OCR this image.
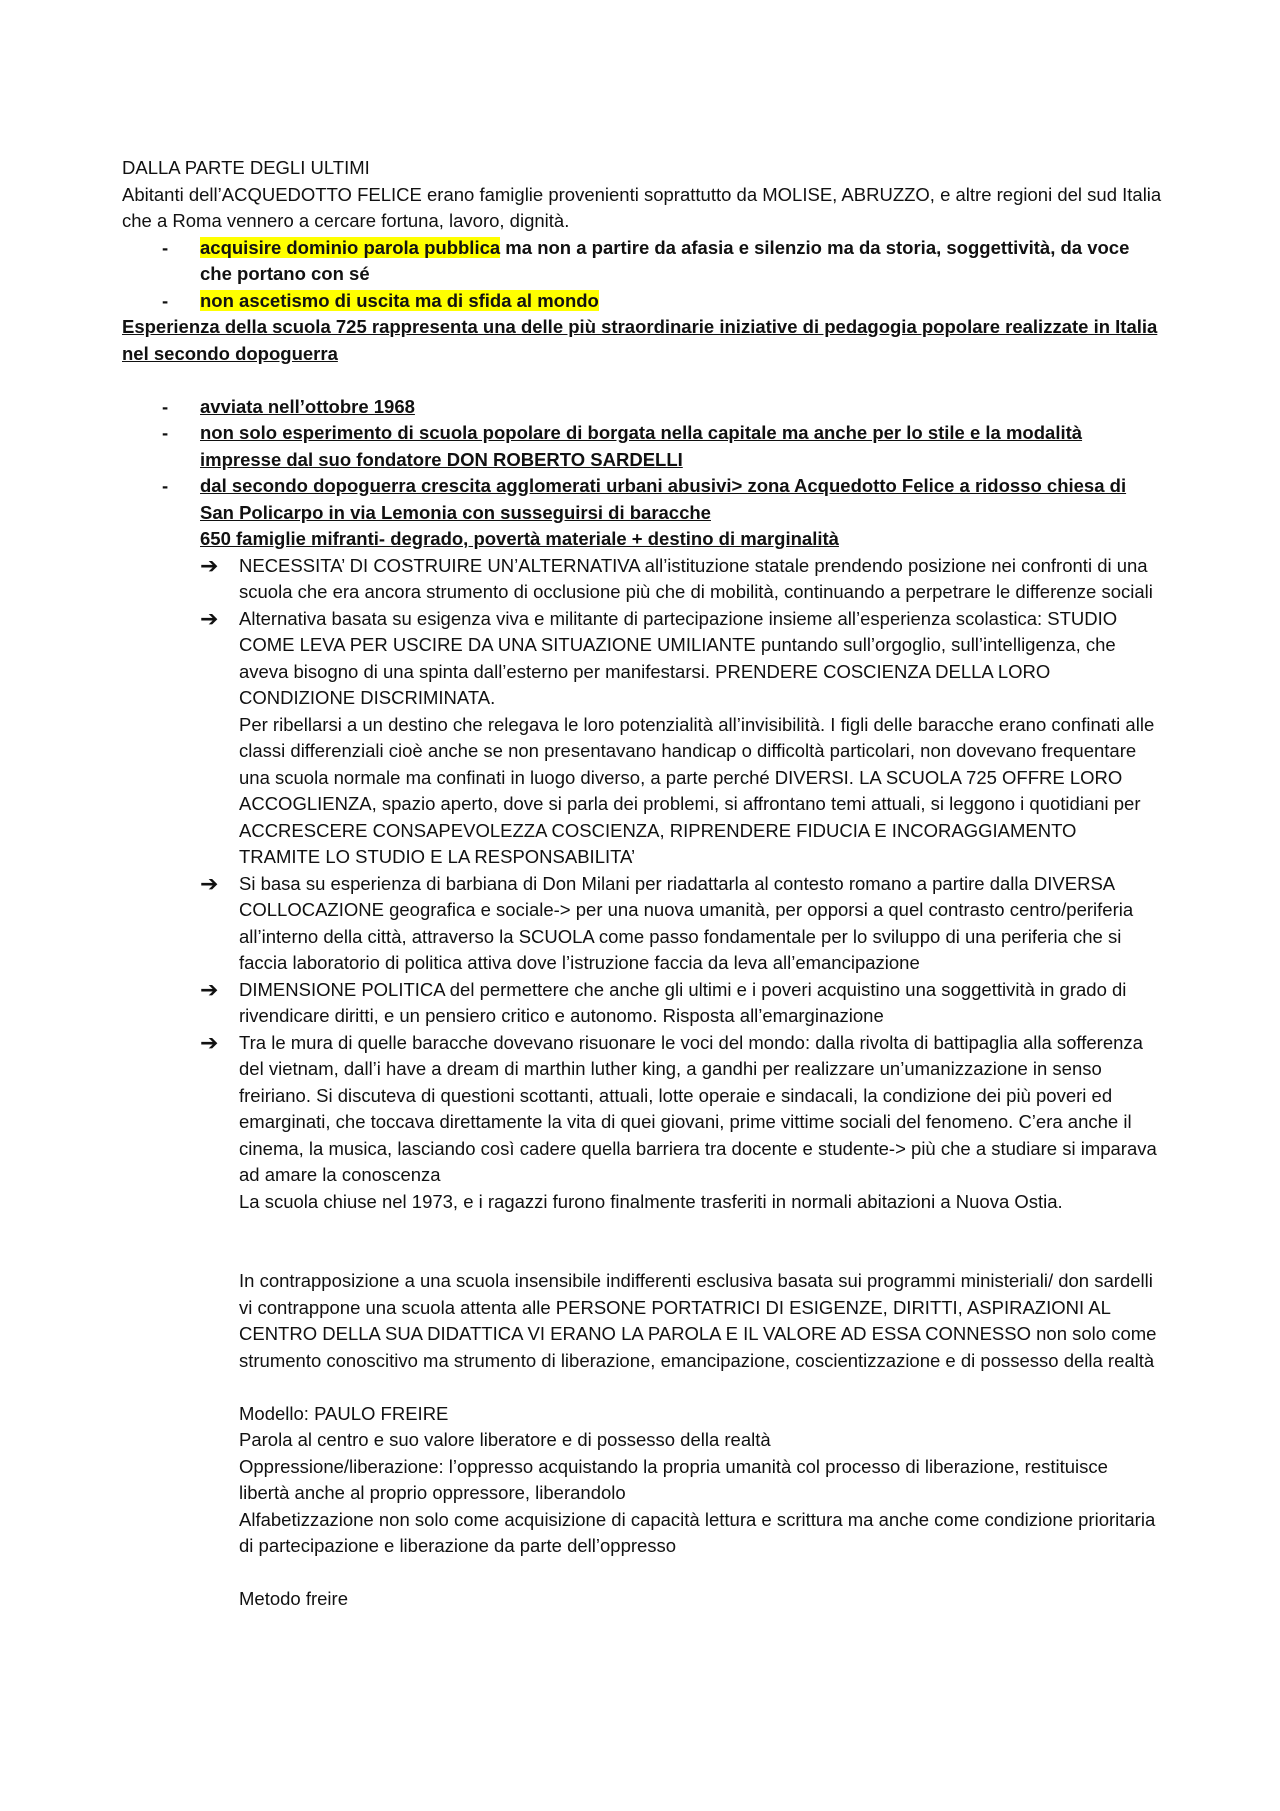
DALLA PARTE DEGLI ULTIMI

Abitanti dell’ACQUEDOTTO FELICE erano famiglie provenienti soprattutto da MOLISE, ABRUZZO, e altre regioni del sud Italia che a Roma vennero a cercare fortuna, lavoro, dignità.

- acquisire dominio parola pubblica ma non a partire da afasia e silenzio ma da storia, soggettività, da voce che portano con sé
- non ascetismo di uscita ma di sfida al mondo

Esperienza della scuola 725 rappresenta una delle più straordinarie iniziative di pedagogia popolare realizzate in Italia nel secondo dopoguerra

- avviata nell’ottobre 1968
- non solo esperimento di scuola popolare di borgata nella capitale ma anche per lo stile e la modalità impresse dal suo fondatore DON ROBERTO SARDELLI
- dal secondo dopoguerra crescita agglomerati urbani abusivi> zona Acquedotto Felice a ridosso chiesa di San Policarpo in via Lemonia con susseguirsi di baracche
650 famiglie mifranti- degrado, povertà materiale + destino di marginalità
➔ NECESSITA’ DI COSTRUIRE UN’ALTERNATIVA all’istituzione statale prendendo posizione nei confronti di una scuola che era ancora strumento di occlusione più che di mobilità, continuando a perpetrare le differenze sociali
➔ Alternativa basata su esigenza viva e militante di partecipazione insieme all’esperienza scolastica: STUDIO COME LEVA PER USCIRE DA UNA SITUAZIONE UMILIANTE puntando sull’orgoglio, sull’intelligenza, che aveva bisogno di una spinta dall’esterno per manifestarsi. PRENDERE COSCIENZA DELLA LORO CONDIZIONE DISCRIMINATA.
Per ribellarsi a un destino che relegava le loro potenzialità all’invisibilità. I figli delle baracche erano confinati alle classi differenziali cioè anche se non presentavano handicap o difficoltà particolari, non dovevano frequentare una scuola normale ma confinati in luogo diverso, a parte perché DIVERSI. LA SCUOLA 725 OFFRE LORO ACCOGLIENZA, spazio aperto, dove si parla dei problemi, si affrontano temi attuali, si leggono i quotidiani per ACCRESCERE CONSAPEVOLEZZA COSCIENZA, RIPRENDERE FIDUCIA E INCORAGGIAMENTO TRAMITE LO STUDIO E LA RESPONSABILITA’
➔ Si basa su esperienza di barbiana di Don Milani per riadattarla al contesto romano a partire dalla DIVERSA COLLOCAZIONE geografica e sociale-> per una nuova umanità, per opporsi a quel contrasto centro/periferia all’interno della città, attraverso la SCUOLA come passo fondamentale per lo sviluppo di una periferia che si faccia laboratorio di politica attiva dove l’istruzione faccia da leva all’emancipazione
➔ DIMENSIONE POLITICA del permettere che anche gli ultimi e i poveri acquistino una soggettività in grado di rivendicare diritti, e un pensiero critico e autonomo. Risposta all’emarginazione
➔ Tra le mura di quelle baracche dovevano risuonare le voci del mondo: dalla rivolta di battipaglia alla sofferenza del vietnam, dall’i have a dream di marthin luther king, a gandhi per realizzare un’umanizzazione in senso freiriano. Si discuteva di questioni scottanti, attuali, lotte operaie e sindacali, la condizione dei più poveri ed emarginati, che toccava direttamente la vita di quei giovani, prime vittime sociali del fenomeno. C’era anche il cinema, la musica, lasciando così cadere quella barriera tra docente e studente-> più che a studiare si imparava ad amare la conoscenza
La scuola chiuse nel 1973, e i ragazzi furono finalmente trasferiti in normali abitazioni a Nuova Ostia.

In contrapposizione a una scuola insensibile indifferenti esclusiva basata sui programmi ministeriali/ don sardelli vi contrappone una scuola attenta alle PERSONE PORTATRICI DI ESIGENZE, DIRITTI, ASPIRAZIONI AL CENTRO DELLA SUA DIDATTICA VI ERANO LA PAROLA E IL VALORE AD ESSA CONNESSO non solo come strumento conoscitivo ma strumento di liberazione, emancipazione, coscientizzazione e di possesso della realtà

Modello: PAULO FREIRE

Parola al centro e suo valore liberatore e di possesso della realtà

Oppressione/liberazione: l’oppresso acquistando la propria umanità col processo di liberazione, restituisce libertà anche al proprio oppressore, liberandolo

Alfabetizzazione non solo come acquisizione di capacità lettura e scrittura ma anche come condizione prioritaria di partecipazione e liberazione da parte dell’oppresso

Metodo freire
